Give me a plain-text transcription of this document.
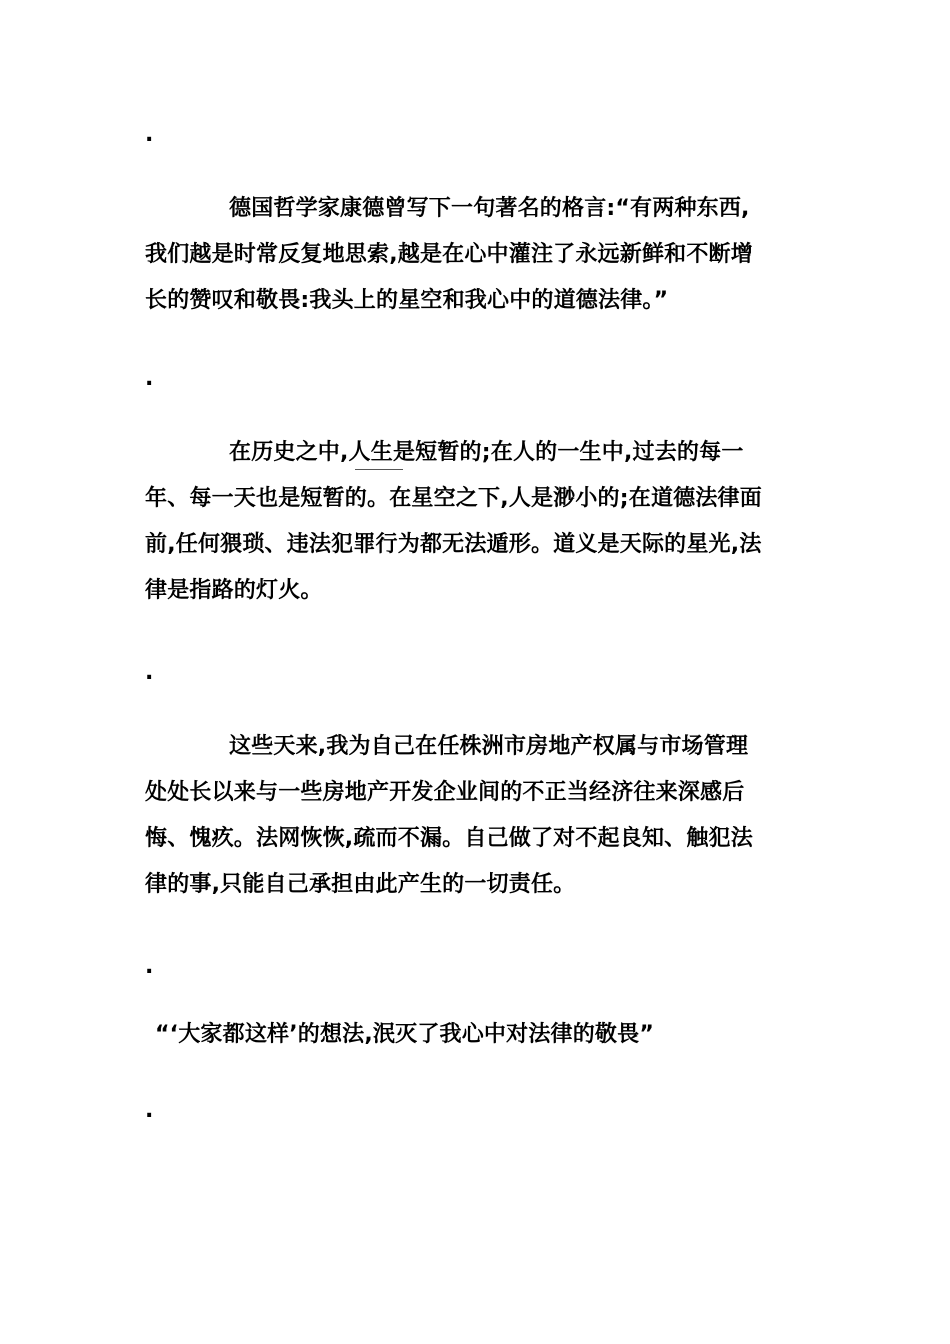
.
德国哲学家康德曾写下一句著名的格言:“有两种东西,
我们越是时常反复地思索,越是在心中灌注了永远新鲜和不断增
长的赞叹和敬畏:我头上的星空和我心中的道德法律。”
.
在历史之中,人生是短暂的;在人的一生中,过去的每一
年、每一天也是短暂的。在星空之下,人是渺小的;在道德法律面
前,任何猥琐、违法犯罪行为都无法遁形。道义是天际的星光,法
律是指路的灯火。
.
这些天来,我为自己在任株洲市房地产权属与市场管理
处处长以来与一些房地产开发企业间的不正当经济往来深感后
悔、愧疚。法网恢恢,疏而不漏。自己做了对不起良知、触犯法
律的事,只能自己承担由此产生的一切责任。
.
“‘大家都这样’的想法,泯灭了我心中对法律的敬畏”
.
